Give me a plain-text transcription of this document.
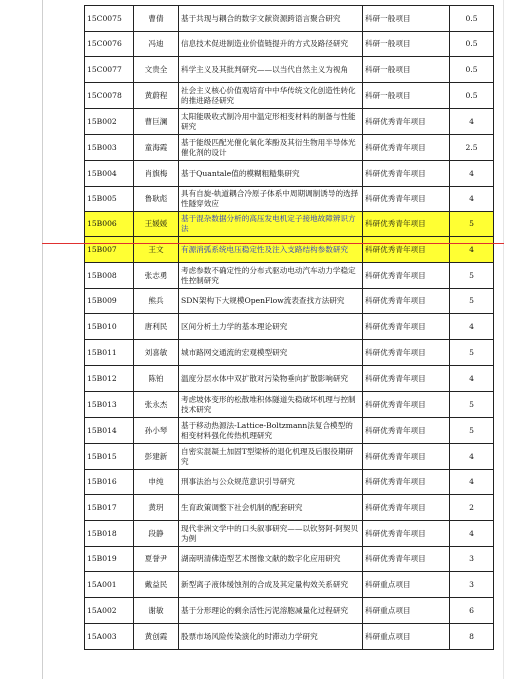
15C0075	曹倩	基于共现与耦合的数字文献资源跨语言聚合研究	科研一般项目	0.5
15C0076	冯迪	信息技术促进制造业价值链提升的方式及路径研究	科研一般项目	0.5
15C0077	文贵全	科学主义及其批判研究——以当代自然主义为视角	科研一般项目	0.5
15C0078	黄蔚程	社会主义核心价值观培育中中华传统文化创造性转化的推进路径研究	科研一般项目	0.5
15B002	曹巨澜	太阳能吸收式制冷用中温定形相变材料的制备与性能研究	科研优秀青年项目	4
15B003	童海霞	基于能级匹配光催化氧化苯酚及其衍生物用半导体光催化剂的设计	科研优秀青年项目	2.5
15B004	肖旗梅	基于Quantale值的模糊粗糙集研究	科研优秀青年项目	4
15B005	鲁耿彪	具有自旋-轨道耦合冷原子体系中周期调制诱导的选择性隧穿效应	科研优秀青年项目	4
15B006	王媛媛	基于混杂数据分析的高压发电机定子接地故障辨识方法	科研优秀青年项目	5
15B007	王文	有源消弧系统电压稳定性及注入支路结构参数研究	科研优秀青年项目	4
15B008	张志勇	考虑参数不确定性的分布式驱动电动汽车动力学稳定性控制研究	科研优秀青年项目	5
15B009	熊兵	SDN架构下大规模OpenFlow流表查找方法研究	科研优秀青年项目	5
15B010	唐利民	区间分析土力学的基本理论研究	科研优秀青年项目	4
15B011	刘喜敏	城市路网交通流的宏观模型研究	科研优秀青年项目	5
15B012	陈铂	温度分层水体中双扩散对污染物垂向扩散影响研究	科研优秀青年项目	4
15B013	张永杰	考虑坡体变形的松散堆积体隧道失稳破坏机理与控制技术研究	科研优秀青年项目	5
15B014	孙小琴	基于移动热源法-Lattice-Boltzmann法复合模型的相变材料强化传热机理研究	科研优秀青年项目	5
15B015	彭建新	自密实混凝土加固T型梁桥的退化机理及后服役期研究	科研优秀青年项目	4
15B016	申纯	刑事法治与公众规范意识引导研究	科研优秀青年项目	4
15B017	黄玥	生育政策调整下社会机制的配套研究	科研优秀青年项目	2
15B018	段静	现代非洲文学中的口头叙事研究——以钦努阿·阿契贝为例	科研优秀青年项目	4
15B019	夏誉尹	湖南明清佛造型艺术图像文献的数字化应用研究	科研优秀青年项目	3
15A001	戴益民	新型离子液体缓蚀剂的合成及其定量构效关系研究	科研重点项目	3
15A002	谢敏	基于分形理论的剩余活性污泥溶胞减量化过程研究	科研重点项目	6
15A003	黄创霞	股票市场风险传染演化的时滞动力学研究	科研重点项目	8
